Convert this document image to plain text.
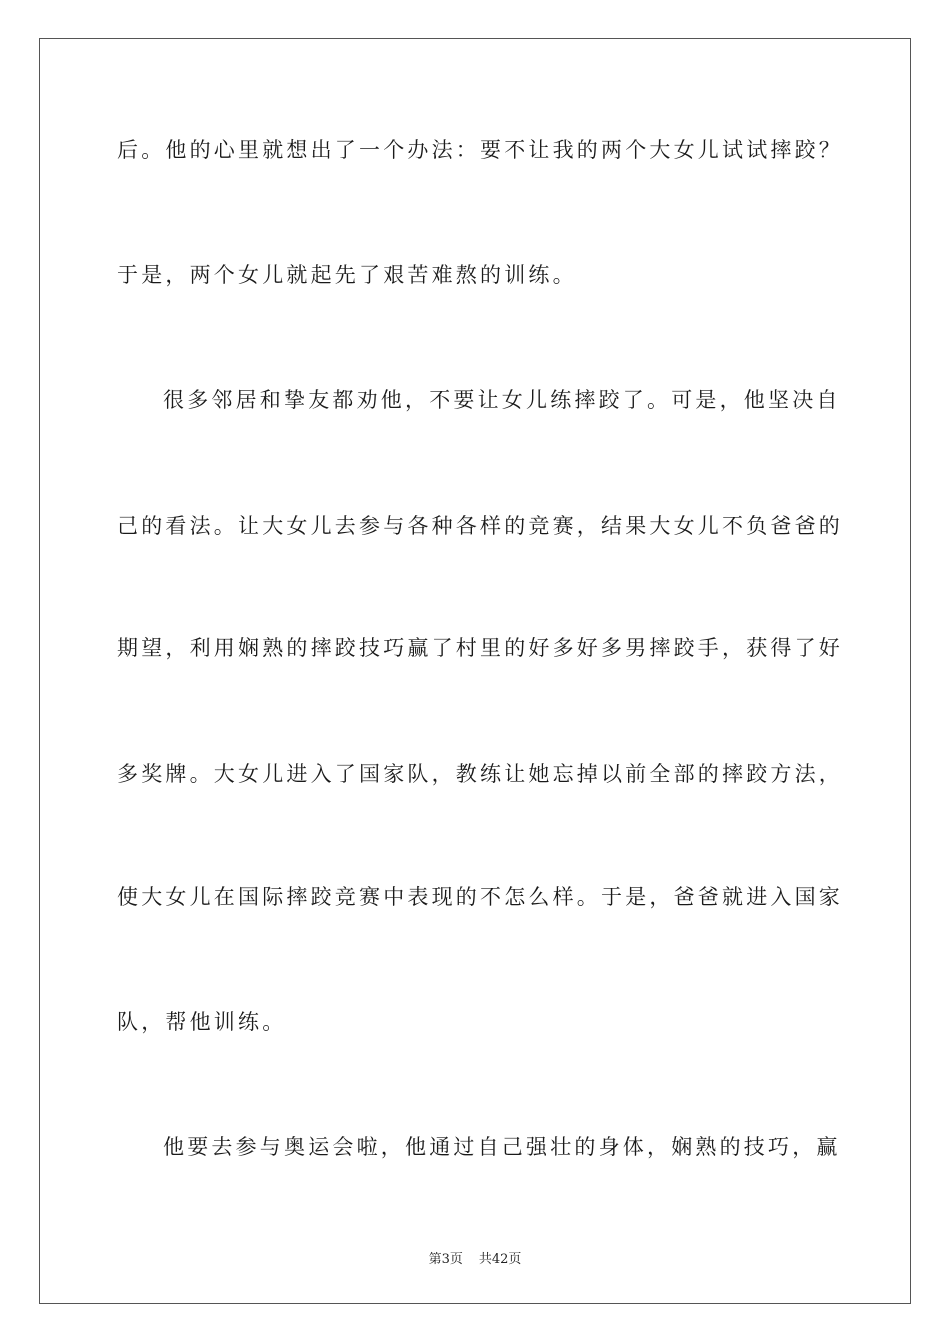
后。他的心里就想出了一个办法：要不让我的两个大女儿试试摔跤？
于是，两个女儿就起先了艰苦难熬的训练。
很多邻居和挚友都劝他，不要让女儿练摔跤了。可是，他坚决自
己的看法。让大女儿去参与各种各样的竞赛，结果大女儿不负爸爸的
期望，利用娴熟的摔跤技巧赢了村里的好多好多男摔跤手，获得了好
多奖牌。大女儿进入了国家队，教练让她忘掉以前全部的摔跤方法，
使大女儿在国际摔跤竞赛中表现的不怎么样。于是，爸爸就进入国家
队，帮他训练。
他要去参与奥运会啦，他通过自己强壮的身体，娴熟的技巧，赢
第3页 共42页
